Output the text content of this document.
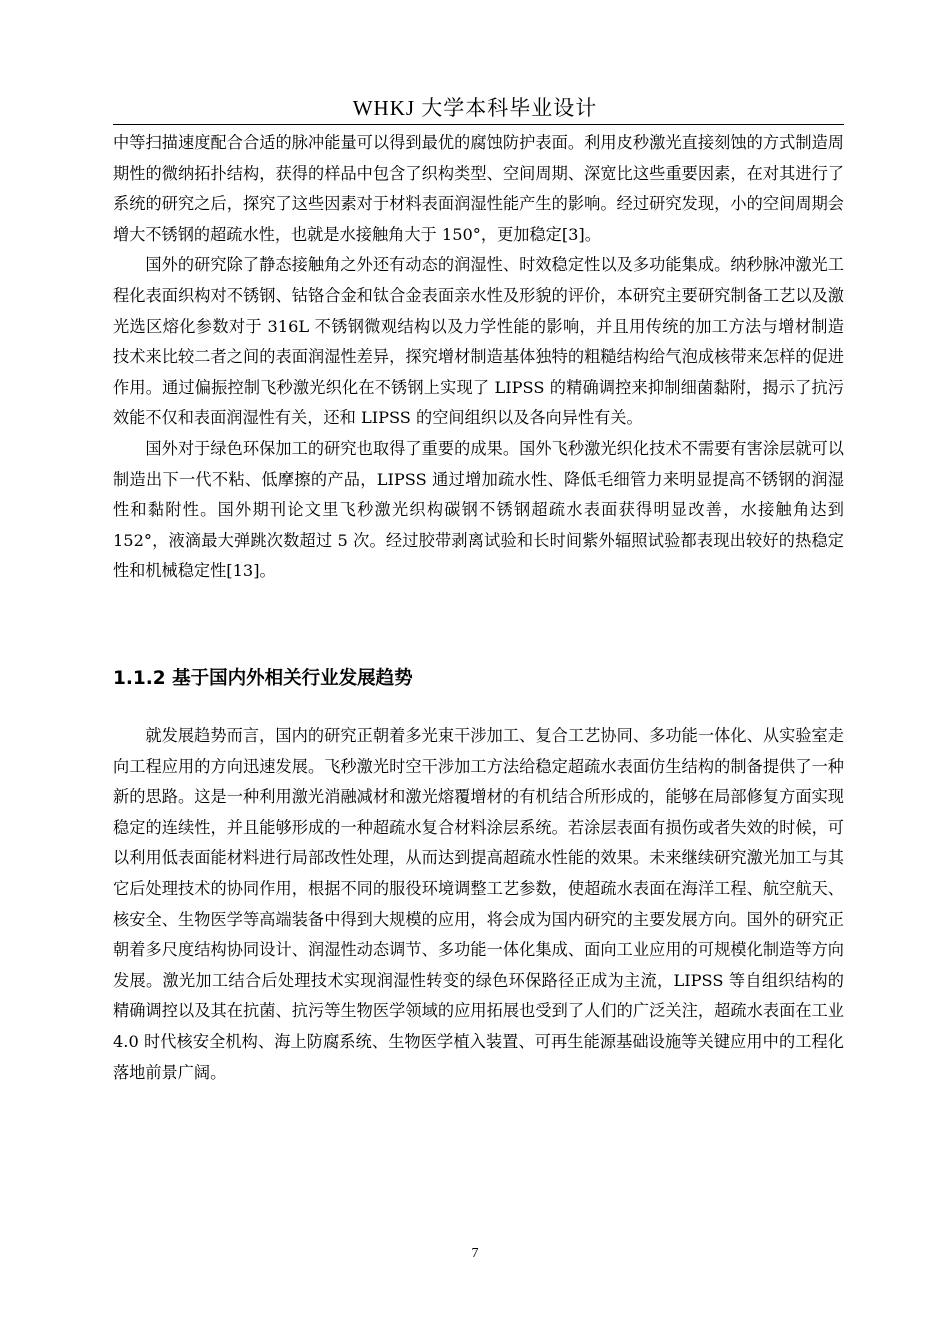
WHKJ 大学本科毕业设计

中等扫描速度配合合适的脉冲能量可以得到最优的腐蚀防护表面。利用皮秒激光直接刻蚀的方式制造周期性的微纳拓扑结构，获得的样品中包含了织构类型、空间周期、深宽比这些重要因素，在对其进行了系统的研究之后，探究了这些因素对于材料表面润湿性能产生的影响。经过研究发现，小的空间周期会增大不锈钢的超疏水性，也就是水接触角大于 150°，更加稳定[3]。

国外的研究除了静态接触角之外还有动态的润湿性、时效稳定性以及多功能集成。纳秒脉冲激光工程化表面织构对不锈钢、钴铬合金和钛合金表面亲水性及形貌的评价，本研究主要研究制备工艺以及激光选区熔化参数对于 316L 不锈钢微观结构以及力学性能的影响，并且用传统的加工方法与增材制造技术来比较二者之间的表面润湿性差异，探究增材制造基体独特的粗糙结构给气泡成核带来怎样的促进作用。通过偏振控制飞秒激光织化在不锈钢上实现了 LIPSS 的精确调控来抑制细菌黏附，揭示了抗污效能不仅和表面润湿性有关，还和 LIPSS 的空间组织以及各向异性有关。

国外对于绿色环保加工的研究也取得了重要的成果。国外飞秒激光织化技术不需要有害涂层就可以制造出下一代不粘、低摩擦的产品，LIPSS 通过增加疏水性、降低毛细管力来明显提高不锈钢的润湿性和黏附性。国外期刊论文里飞秒激光织构碳钢不锈钢超疏水表面获得明显改善，水接触角达到 152°，液滴最大弹跳次数超过 5 次。经过胶带剥离试验和长时间紫外辐照试验都表现出较好的热稳定性和机械稳定性[13]。

1.1.2 基于国内外相关行业发展趋势

就发展趋势而言，国内的研究正朝着多光束干涉加工、复合工艺协同、多功能一体化、从实验室走向工程应用的方向迅速发展。飞秒激光时空干涉加工方法给稳定超疏水表面仿生结构的制备提供了一种新的思路。这是一种利用激光消融减材和激光熔覆增材的有机结合所形成的，能够在局部修复方面实现稳定的连续性，并且能够形成的一种超疏水复合材料涂层系统。若涂层表面有损伤或者失效的时候，可以利用低表面能材料进行局部改性处理，从而达到提高超疏水性能的效果。未来继续研究激光加工与其它后处理技术的协同作用，根据不同的服役环境调整工艺参数，使超疏水表面在海洋工程、航空航天、核安全、生物医学等高端装备中得到大规模的应用，将会成为国内研究的主要发展方向。国外的研究正朝着多尺度结构协同设计、润湿性动态调节、多功能一体化集成、面向工业应用的可规模化制造等方向发展。激光加工结合后处理技术实现润湿性转变的绿色环保路径正成为主流，LIPSS 等自组织结构的精确调控以及其在抗菌、抗污等生物医学领域的应用拓展也受到了人们的广泛关注，超疏水表面在工业 4.0 时代核安全机构、海上防腐系统、生物医学植入装置、可再生能源基础设施等关键应用中的工程化落地前景广阔。

7
